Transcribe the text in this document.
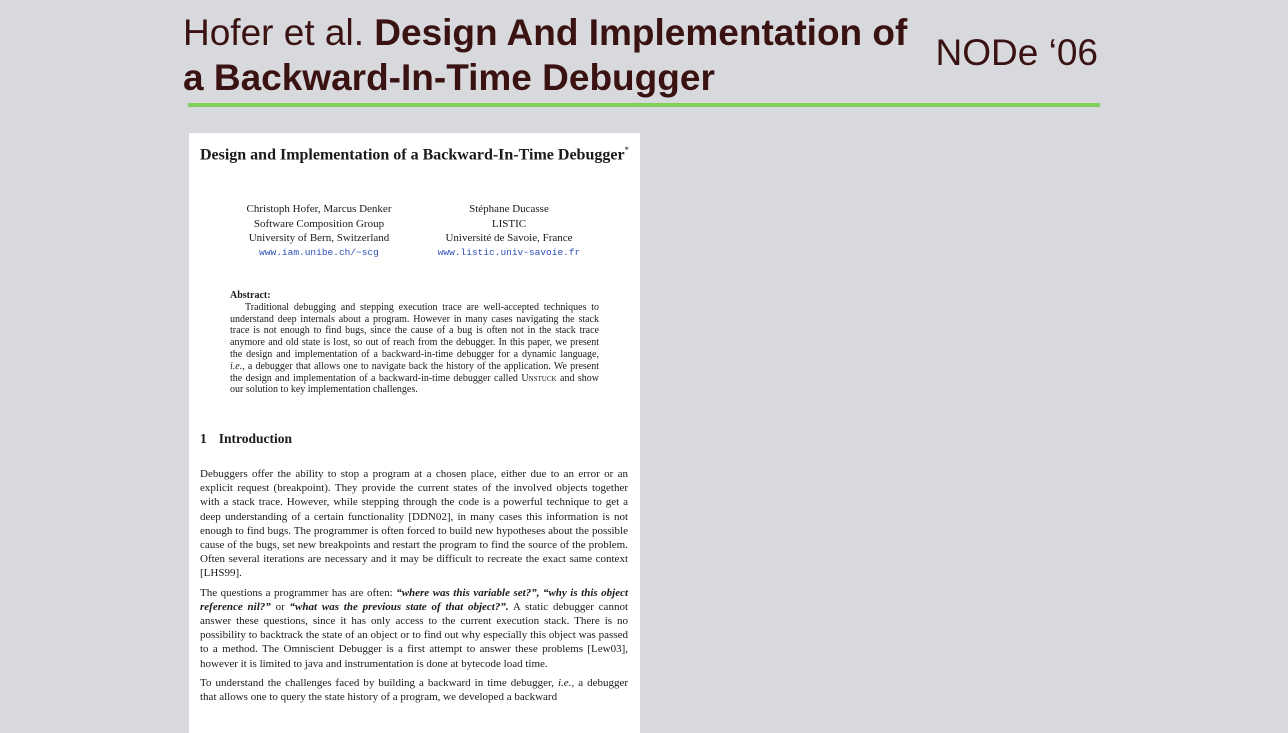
Hofer et al. Design And Implementation of a Backward-In-Time Debugger
NODe ‘06
Design and Implementation of a Backward-In-Time Debugger*
Christoph Hofer, Marcus Denker
Software Composition Group
University of Bern, Switzerland
www.iam.unibe.ch/~scg
Stéphane Ducasse
LISTIC
Université de Savoie, France
www.listic.univ-savoie.fr
Abstract:

Traditional debugging and stepping execution trace are well-accepted techniques to understand deep internals about a program. However in many cases navigating the stack trace is not enough to find bugs, since the cause of a bug is often not in the stack trace anymore and old state is lost, so out of reach from the debugger. In this paper, we present the design and implementation of a backward-in-time debugger for a dynamic language, i.e., a debugger that allows one to navigate back the history of the application. We present the design and implementation of a backward-in-time debugger called Unstuck and show our solution to key implementation challenges.

1 Introduction

Debuggers offer the ability to stop a program at a chosen place, either due to an error or an explicit request (breakpoint). They provide the current states of the involved objects together with a stack trace. However, while stepping through the code is a powerful technique to get a deep understanding of a certain functionality [DDN02], in many cases this information is not enough to find bugs. The programmer is often forced to build new hypotheses about the possible cause of the bugs, set new breakpoints and restart the program to find the source of the problem. Often several iterations are necessary and it may be difficult to recreate the exact same context [LHS99].

The questions a programmer has are often: “where was this variable set?”, “why is this object reference nil?” or “what was the previous state of that object?”. A static debugger cannot answer these questions, since it has only access to the current execution stack. There is no possibility to backtrack the state of an object or to find out why especially this object was passed to a method. The Omniscient Debugger is a first attempt to answer these problems [Lew03], however it is limited to java and instrumentation is done at bytecode load time.

To understand the challenges faced by building a backward in time debugger, i.e., a debugger that allows one to query the state history of a program, we developed a backward
